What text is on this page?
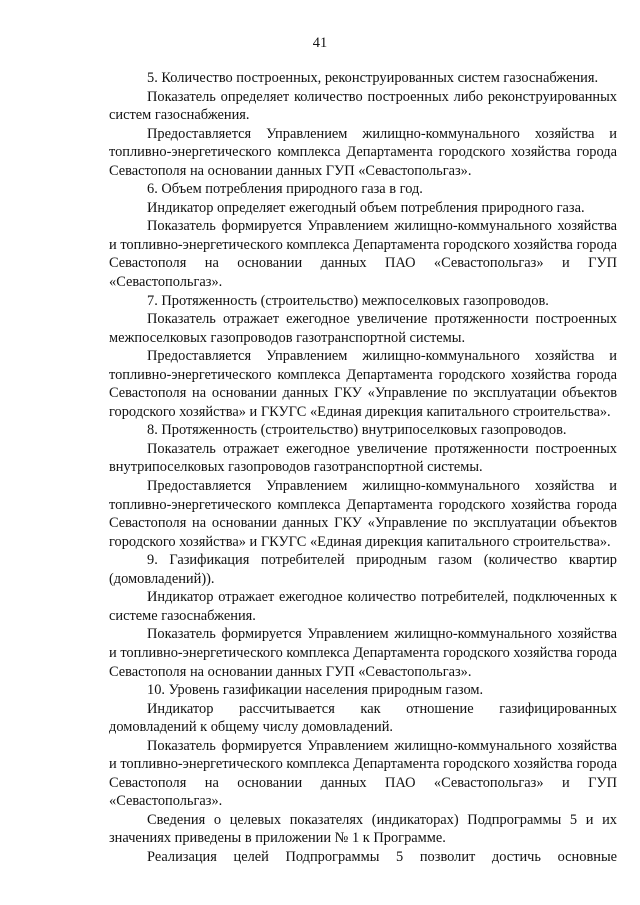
41

5. Количество построенных, реконструированных систем газоснабжения.

Показатель определяет количество построенных либо реконструированных систем газоснабжения.

Предоставляется Управлением жилищно-коммунального хозяйства и топливно-энергетического комплекса Департамента городского хозяйства города Севастополя на основании данных ГУП «Севастопольгаз».

6. Объем потребления природного газа в год.

Индикатор определяет ежегодный объем потребления природного газа.

Показатель формируется Управлением жилищно-коммунального хозяйства и топливно-энергетического комплекса Департамента городского хозяйства города Севастополя на основании данных ПАО «Севастопольгаз» и ГУП «Севастопольгаз».

7. Протяженность (строительство) межпоселковых газопроводов.

Показатель отражает ежегодное увеличение протяженности построенных межпоселковых газопроводов газотранспортной системы.

Предоставляется Управлением жилищно-коммунального хозяйства и топливно-энергетического комплекса Департамента городского хозяйства города Севастополя на основании данных ГКУ «Управление по эксплуатации объектов городского хозяйства» и ГКУГС «Единая дирекция капитального строительства».

8. Протяженность (строительство) внутрипоселковых газопроводов.

Показатель отражает ежегодное увеличение протяженности построенных внутрипоселковых газопроводов газотранспортной системы.

Предоставляется Управлением жилищно-коммунального хозяйства и топливно-энергетического комплекса Департамента городского хозяйства города Севастополя на основании данных ГКУ «Управление по эксплуатации объектов городского хозяйства» и ГКУГС «Единая дирекция капитального строительства».

9. Газификация потребителей природным газом (количество квартир (домовладений)).

Индикатор отражает ежегодное количество потребителей, подключенных к системе газоснабжения.

Показатель формируется Управлением жилищно-коммунального хозяйства и топливно-энергетического комплекса Департамента городского хозяйства города Севастополя на основании данных ГУП «Севастопольгаз».

10. Уровень газификации населения природным газом.

Индикатор рассчитывается как отношение газифицированных домовладений к общему числу домовладений.

Показатель формируется Управлением жилищно-коммунального хозяйства и топливно-энергетического комплекса Департамента городского хозяйства города Севастополя на основании данных ПАО «Севастопольгаз» и ГУП «Севастопольгаз».

Сведения о целевых показателях (индикаторах) Подпрограммы 5 и их значениях приведены в приложении № 1 к Программе.

Реализация целей Подпрограммы 5 позволит достичь основные
